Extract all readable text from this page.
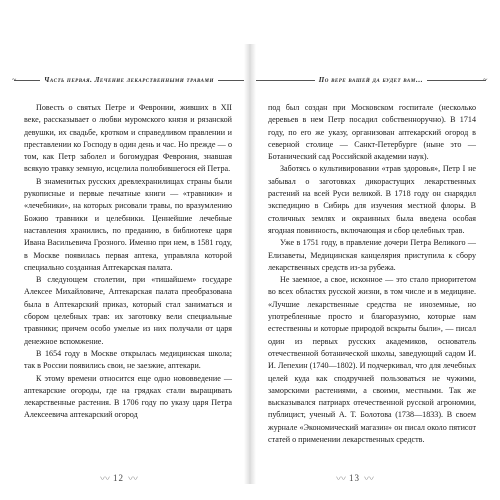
~	Часть первая. Лечение лекарственными травами

Повесть о святых Петре и Февронии, живших в XII веке, рассказывает о любви муромского князя и рязанской девушки, их свадьбе, кротком и справедливом правлении и преставлении ко Господу в один день и час. Но прежде — о том, как Петр заболел и богомудрая Феврония, знавшая всякую травку земную, исцелила полюбившегося ей Петра.

В знаменитых русских древлехранилищах страны были рукописные и первые печатные книги — «травники» и «лечебники», на которых рисовали травы, по вразумлению Божию травники и целебники. Ценнейшие лечебные наставления хранились, по преданию, в библиотеке царя Ивана Васильевича Грозного. Именно при нем, в 1581 году, в Москве появилась первая аптека, управляла которой специально созданная Аптекарская палата.

В следующем столетии, при «тишайшем» государе Алексее Михайловиче, Аптекарская палата преобразована была в Аптекарский приказ, который стал заниматься и сбором целебных трав: их заготовку вели специальные травники; причем особо умелые из них получали от царя денежное вспомжение.

В 1654 году в Москве открылась медицинская школа; так в России появились свои, не заезжие, аптекари.

К этому времени относится еще одно нововведение — аптекарские огороды, где на грядках стали выращивать лекарственные растения. В 1706 году по указу царя Петра Алексеевича аптекарский огород

〰 12 〰
По вере вашей да будет вам…	~

под был создан при Московском госпитале (несколько деревьев в нем Петр посадил собственноручно). В 1714 году, по его же указу, организован аптекарский огород в северной столице — Санкт-Петербурге (ныне это — Ботанический сад Российской академии наук).

Заботясь о культивировании «трав здоровья», Петр I не забывал о заготовках дикорастущих лекарственных растений на всей Руси великой. В 1718 году он снарядил экспедицию в Сибирь для изучения местной флоры. В столичных землях и окраинных была введена особая ягодная повинность, включающая и сбор целебных трав.

Уже в 1751 году, в правление дочери Петра Великого — Елизаветы, Медицинская канцелярия приступила к сбору лекарственных средств из-за рубежа.

Не заемное, а свое, исконное — это стало приоритетом во всех областях русской жизни, в том числе и в медицине. «Лучшие лекарственные средства не иноземные, но употребленные просто и благоразумно, которые нам естественны и которые природой вскрыты были», — писал один из первых русских академиков, основатель отечественной ботанической школы, заведующий садом И. И. Лепехин (1740—1802). И подчеркивал, что для лечебных целей куда как сподручней пользоваться не чужими, заморскими растениями, а своими, местными. Так же высказывался патриарх отечественной русской агрономии, публицист, ученый А. Т. Болотова (1738—1833). В своем журнале «Экономический магазин» он писал около пятисот статей о применении лекарственных средств.

〰 13 〰
